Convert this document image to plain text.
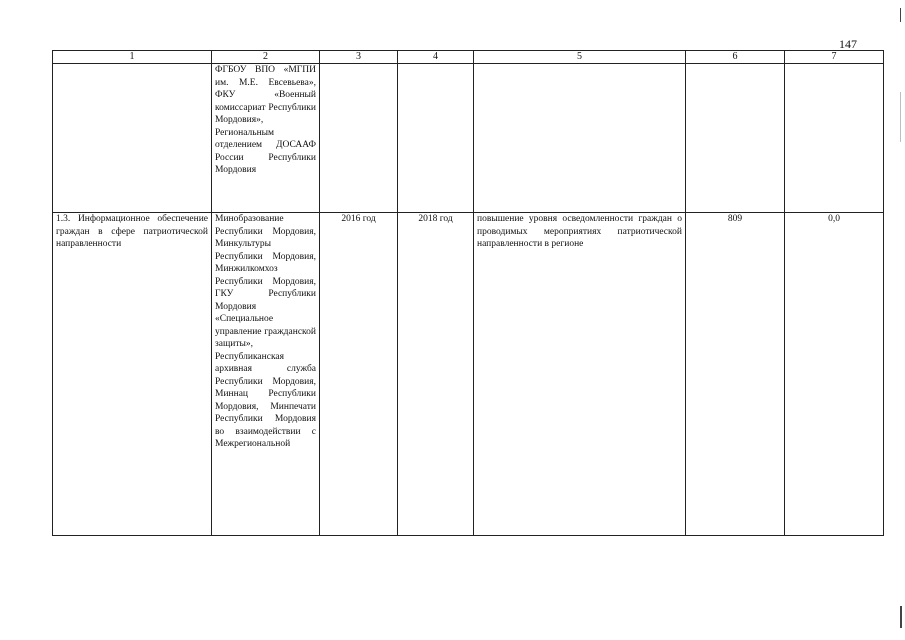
147
1	2	3	4	5	6	7
	ФГБОУ ВПО «МГПИ им. М.Е. Евсевьева», ФКУ «Военный комиссариат Республики Мордовия», Региональным отделением ДОСААФ России Республики Мордовия					
1.3. Информационное обеспечение граждан в сфере патриотической направленности	Минобразование Республики Мордовия, Минкультуры Республики Мордовия, Минжилкомхоз Республики Мордовия, ГКУ Республики Мордовия «Специальное управление гражданской защиты», Республиканская архивная служба Республики Мордовия, Миннац Республики Мордовия, Минпечати Республики Мордовия во взаимодействии с Межрегиональной	2016 год	2018 год	повышение уровня осведомленности граждан о проводимых мероприятиях патриотической направленности в регионе	809	0,0
